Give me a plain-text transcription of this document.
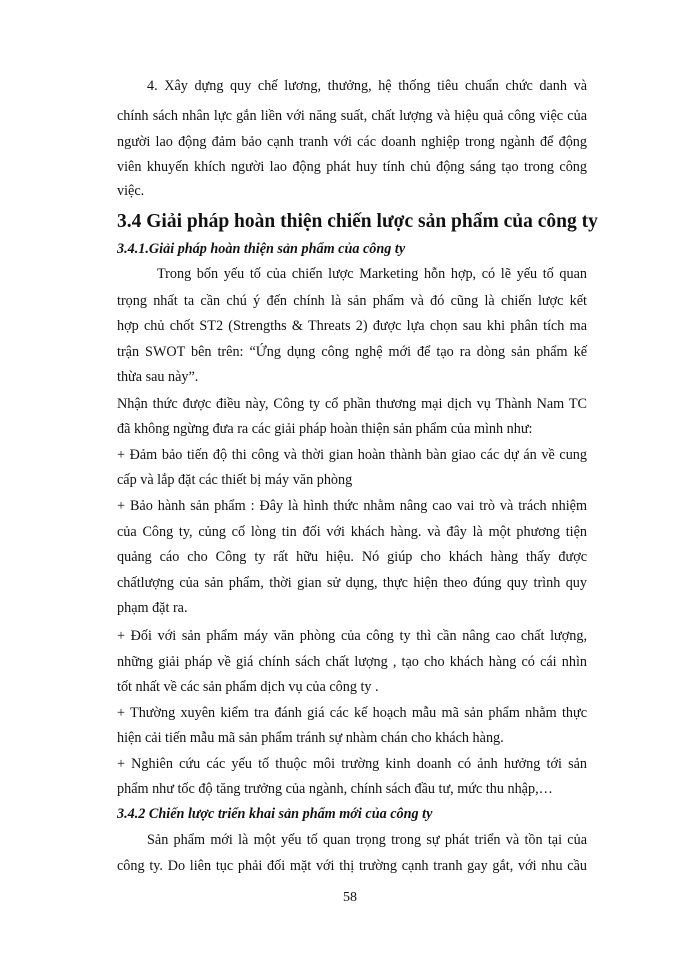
4. Xây dựng quy chế lương, thưởng, hệ thống tiêu chuẩn chức danh và
chính sách nhân lực gắn liền với năng suất, chất lượng và hiệu quả công việc của
người lao động đảm bảo cạnh tranh với các doanh nghiệp trong ngành để động
viên khuyến khích người lao động phát huy tính chủ động sáng tạo trong công
việc.
3.4 Giải pháp hoàn thiện chiến lược sản phẩm của công ty
3.4.1.Giải pháp hoàn thiện sản phẩm của công ty
Trong bốn yếu tố của chiến lược Marketing hỗn hợp, có lẽ yếu tố quan
trọng nhất ta cần chú ý đến chính là sản phẩm và đó cũng là chiến lược kết
hợp chủ chốt ST2 (Strengths & Threats 2) được lựa chọn sau khi phân tích ma
trận SWOT bên trên: “Ứng dụng công nghệ mới để tạo ra dòng sản phẩm kế
thừa sau này”.
Nhận thức được điều này, Công ty cổ phần thương mại dịch vụ Thành Nam TC
đã không ngừng đưa ra các giải pháp hoàn thiện sản phẩm của mình như:
+ Đảm bảo tiến độ thi công và thời gian hoàn thành bàn giao các dự án về cung
cấp và lắp đặt các thiết bị máy văn phòng
+ Bảo hành sản phẩm : Đây là hình thức nhằm nâng cao vai trò và trách nhiệm
của Công ty, củng cố lòng tin đối với khách hàng. và đây là một phương tiện
quảng cáo cho Công ty rất hữu hiệu. Nó giúp cho khách hàng thấy được
chấtlượng của sản phẩm, thời gian sử dụng, thực hiện theo đúng quy trình quy
phạm đặt ra.
+ Đối với sản phẩm máy văn phòng của công ty thì cần nâng cao chất lượng,
những giải pháp về giá chính sách chất lượng , tạo cho khách hàng có cái nhìn
tốt nhất về các sản phẩm dịch vụ của công ty .
+ Thường xuyên kiểm tra đánh giá các kế hoạch mẫu mã sản phẩm nhằm thực
hiện cải tiến mẫu mã sản phẩm tránh sự nhàm chán cho khách hàng.
+ Nghiên cứu các yếu tố thuộc môi trường kinh doanh có ảnh hưởng tới sản
phẩm như tốc độ tăng trưởng của ngành, chính sách đầu tư, mức thu nhập,…
3.4.2 Chiến lược triển khai sản phẩm mới của công ty
Sản phẩm mới là một yếu tố quan trọng trong sự phát triển và tồn tại của
công ty. Do liên tục phải đối mặt với thị trường cạnh tranh gay gắt, với nhu cầu
58
